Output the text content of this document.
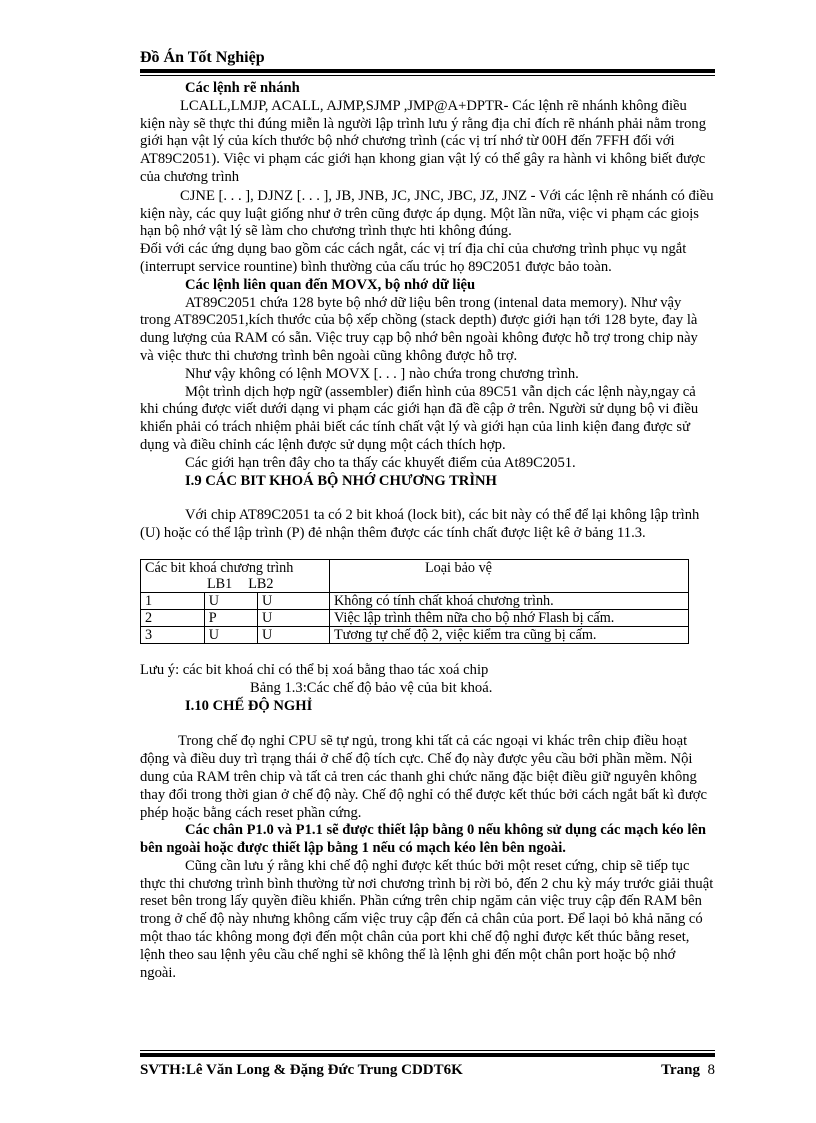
Đồ Án Tốt Nghiệp

Các lệnh rẽ nhánh

LCALL,LMJP, ACALL, AJMP,SJMP ,JMP@A+DPTR- Các lệnh rẽ nhánh không điều kiện này sẽ thực thi đúng miễn là người lập trình lưu ý rằng địa chỉ đích rẽ nhánh phải nằm trong giới hạn vật lý của kích thước bộ nhớ chương trình (các vị trí nhớ từ 00H đến 7FFH đối với AT89C2051). Việc vi phạm các giới hạn khong gian vật lý có thể gây ra hành vi không biết được của chương trình

CJNE [. . . ], DJNZ [. . . ], JB, JNB, JC, JNC, JBC, JZ, JNZ - Với các lệnh rẽ nhánh có điều kiện này, các quy luật giống như ở trên cũng được áp dụng. Một lần nữa, việc vi phạm các gioịs hạn bộ nhớ vật lý sẽ làm cho chương trình thực hti không đúng.

Đối với các ứng dụng bao gồm các cách ngắt, các vị trí địa chỉ của chương trình phục vụ ngắt (interrupt service rountine) bình thường của cấu trúc họ 89C2051 được bảo toàn.

Các lệnh liên quan đến MOVX, bộ nhớ dữ liệu

AT89C2051 chứa 128 byte bộ nhớ dữ liệu bên trong (intenal data memory). Như vậy trong AT89C2051,kích thước của bộ xếp chồng (stack depth) được giới hạn tới 128 byte, đay là dung lượng của RAM có sẵn. Việc truy cạp bộ nhớ bên ngoài không được hỗ trợ trong chip này và việc thưc thi chương trình bên ngoài cũng không được hỗ trợ.

Như vậy không có lệnh MOVX [. . . ] nào chứa trong chương trình.

Một trình dịch hợp ngữ (assembler) điển hình của 89C51 vẫn dịch các lệnh này,ngay cả khi chúng được viết dưới dạng vi phạm các giới hạn đã đề cập ở trên. Người sử dụng bộ vi điều khiển phải có trách nhiệm phải biết các tính chất vật lý và giới hạn của linh kiện đang được sử dụng và điều chỉnh các lệnh được sử dụng một cách thích hợp.

Các giới hạn trên đây cho ta thấy các khuyết điểm của At89C2051.

I.9 CÁC BIT KHOÁ BỘ NHỚ CHƯƠNG TRÌNH

Với chip AT89C2051 ta có 2 bit khoá (lock bit), các bit này có thể để lại không lập trình (U) hoặc có thể lập trình (P) đẻ nhận thêm được các tính chất được liệt kê ở bảng 11.3.

Các bit khoá chương trình
LB1 LB2			Loại bảo vệ
1	U	U	Không có tính chất khoá chương trình.
2	P	U	Việc lập trình thêm nữa cho bộ nhớ Flash bị cấm.
3	U	U	Tương tự chế độ 2, việc kiểm tra cũng bị cấm.

Lưu ý: các bit khoá chỉ có thể bị xoá bằng thao tác xoá chip

Bảng 1.3:Các chế độ bảo vệ của bit khoá.

I.10 CHẾ ĐỘ NGHỈ

Trong chế đọ nghỉ CPU sẽ tự ngủ, trong khi tất cả các ngoại vi khác trên chip điều hoạt động và điều duy trì trạng thái ở chế độ tích cực. Chế đọ này được yêu cầu bởi phần mềm. Nội dung của RAM trên chip và tất cả tren các thanh ghi chức năng đặc biệt điều giữ nguyên không thay đổi trong thời gian ở chế độ này. Chế độ nghỉ có thể được kết thúc bởi cách ngắt bất kì được phép hoặc bằng cách reset phần cứng.

Các chân P1.0 và P1.1 sẽ được thiết lập bằng 0 nếu không sử dụng các mạch kéo lên bên ngoài hoặc được thiết lập bằng 1 nếu có mạch kéo lên bên ngoài.

Cũng cần lưu ý rằng khi chế độ nghỉ được kết thúc bởi một reset cứng, chip sẽ tiếp tục thực thi chương trình bình thường từ nơi chương trình bị rời bỏ, đến 2 chu kỳ máy trước giải thuật reset bên trong lấy quyền điều khiển. Phần cứng trên chip ngăm cản việc truy cập đến RAM bên trong ở chế độ này nhưng không cấm việc truy cập đến cả chân của port. Để laọi bỏ khả năng có một thao tác không mong đợi đến một chân của port khi chế độ nghỉ được kết thúc bằng reset, lệnh theo sau lệnh yêu cầu chế nghỉ sẽ không thể là lệnh ghi đến một chân port hoặc bộ nhớ ngoài.

SVTH:Lê Văn Long & Đặng Đức Trung CDDT6K	Trang 8
